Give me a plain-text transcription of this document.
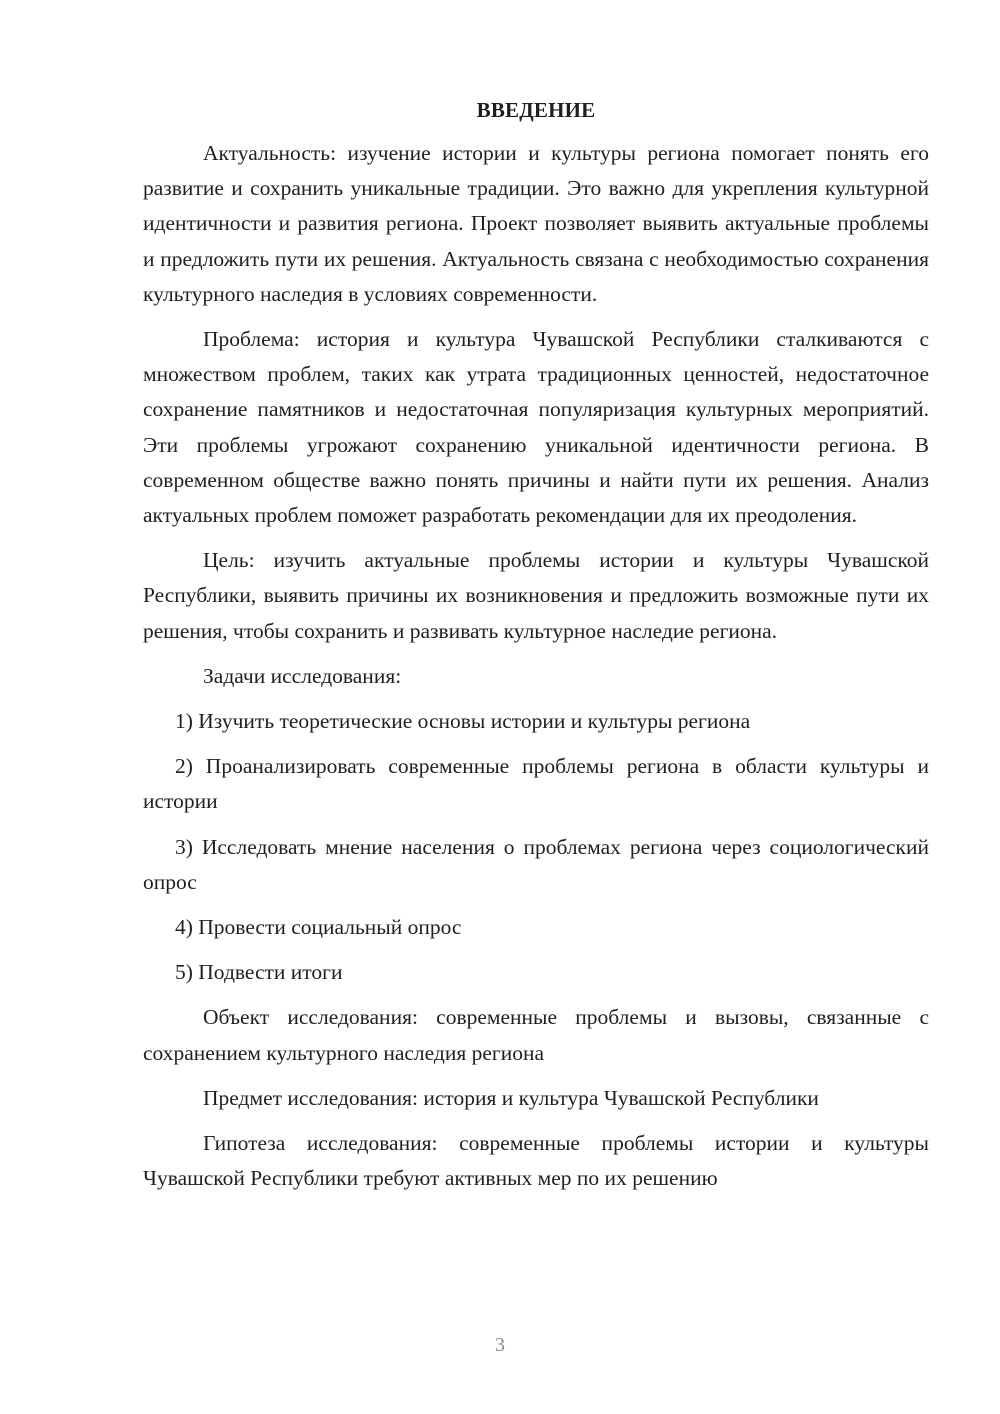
ВВЕДЕНИЕ

Актуальность: изучение истории и культуры региона помогает понять его развитие и сохранить уникальные традиции. Это важно для укрепления культурной идентичности и развития региона. Проект позволяет выявить актуальные проблемы и предложить пути их решения. Актуальность связана с необходимостью сохранения культурного наследия в условиях современности.

Проблема: история и культура Чувашской Республики сталкиваются с множеством проблем, таких как утрата традиционных ценностей, недостаточное сохранение памятников и недостаточная популяризация культурных мероприятий. Эти проблемы угрожают сохранению уникальной идентичности региона. В современном обществе важно понять причины и найти пути их решения. Анализ актуальных проблем поможет разработать рекомендации для их преодоления.

Цель: изучить актуальные проблемы истории и культуры Чувашской Республики, выявить причины их возникновения и предложить возможные пути их решения, чтобы сохранить и развивать культурное наследие региона.

Задачи исследования:

1) Изучить теоретические основы истории и культуры региона

2) Проанализировать современные проблемы региона в области культуры и истории

3) Исследовать мнение населения о проблемах региона через социологический опрос

4) Провести социальный опрос

5) Подвести итоги

Объект исследования: современные проблемы и вызовы, связанные с сохранением культурного наследия региона

Предмет исследования: история и культура Чувашской Республики

Гипотеза исследования: современные проблемы истории и культуры Чувашской Республики требуют активных мер по их решению

3
